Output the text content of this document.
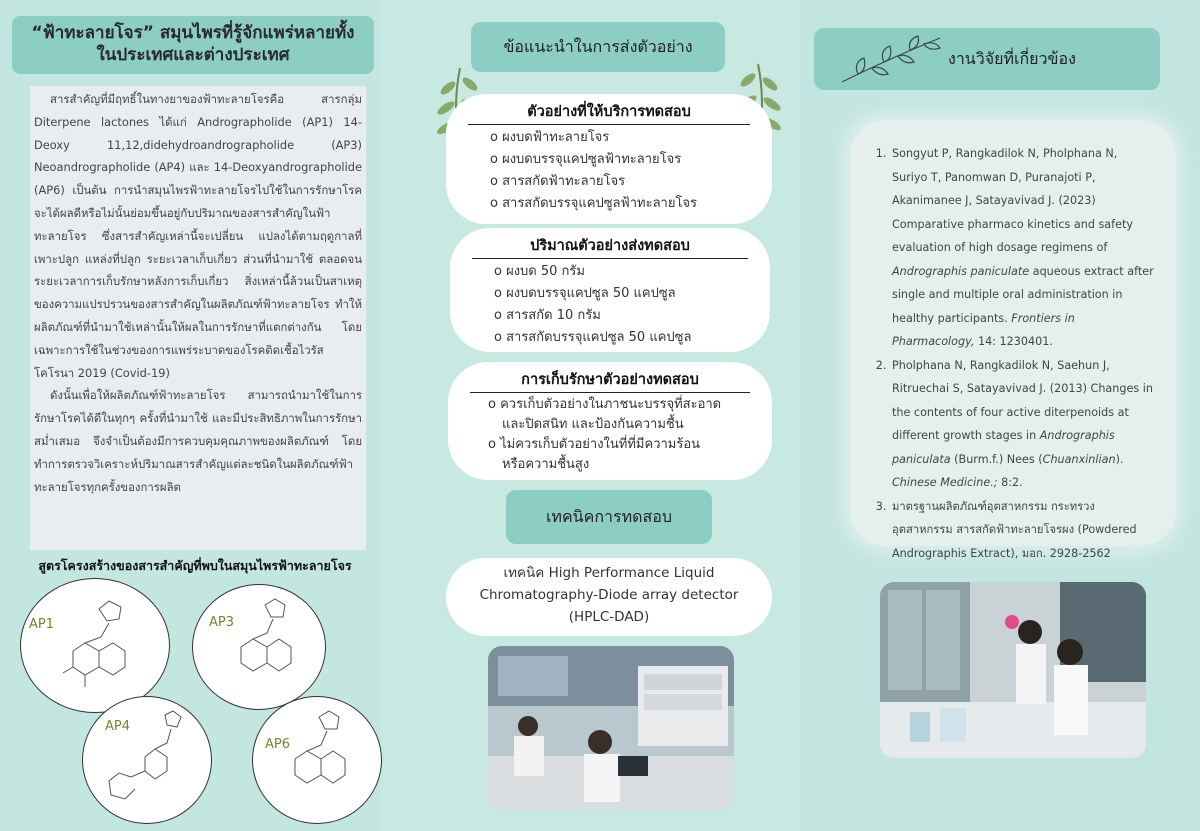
“ฟ้าทะลายโจร” สมุนไพรที่รู้จักแพร่หลายทั้ง
ในประเทศและต่างประเทศ

สารสำคัญที่มีฤทธิ์ในทางยาของฟ้าทะลายโจรคือ สารกลุ่ม Diterpene lactones ได้แก่ Andrographolide (AP1) 14-Deoxy 11,12,didehydroandrographolide (AP3) Neoandrographolide (AP4) และ 14-Deoxyandrographolide (AP6) เป็นต้น การนำสมุนไพรฟ้าทะลายโจรไปใช้ในการรักษาโรคจะได้ผลดีหรือไม่นั้นย่อมขึ้นอยู่กับปริมาณของสารสำคัญในฟ้าทะลายโจร ซึ่งสารสำคัญเหล่านี้จะเปลี่ยน แปลงได้ตามฤดูกาลที่เพาะปลูก แหล่งที่ปลูก ระยะเวลาเก็บเกี่ยว ส่วนที่นำมาใช้ ตลอดจนระยะเวลาการเก็บรักษาหลังการเก็บเกี่ยว สิ่งเหล่านี้ล้วนเป็นสาเหตุของความแปรปรวนของสารสำคัญในผลิตภัณฑ์ฟ้าทะลายโจร ทำให้ผลิตภัณฑ์ที่นำมาใช้เหล่านั้นให้ผลในการรักษาที่แตกต่างกัน โดยเฉพาะการใช้ในช่วงของการแพร่ระบาดของโรคติดเชื้อไวรัสโคโรนา 2019 (Covid-19)

ดังนั้นเพื่อให้ผลิตภัณฑ์ฟ้าทะลายโจร สามารถนำมาใช้ในการรักษาโรคได้ดีในทุกๆ ครั้งที่นำมาใช้ และมีประสิทธิภาพในการรักษาสม่ำเสมอ จึงจำเป็นต้องมีการควบคุมคุณภาพของผลิตภัณฑ์ โดยทำการตรวจวิเคราะห์ปริมาณสารสำคัญแต่ละชนิดในผลิตภัณฑ์ฟ้าทะลายโจรทุกครั้งของการผลิต

สูตรโครงสร้างของสารสำคัญที่พบในสมุนไพรฟ้าทะลายโจร
AP1	AP3
AP4
AP6
ข้อแนะนำในการส่งตัวอย่าง
ตัวอย่างที่ให้บริการทดสอบ
o ผงบดฟ้าทะลายโจร
o ผงบดบรรจุแคปซูลฟ้าทะลายโจร
o สารสกัดฟ้าทะลายโจร
o สารสกัดบรรจุแคปซูลฟ้าทะลายโจร
ปริมาณตัวอย่างส่งทดสอบ
o ผงบด 50 กรัม
o ผงบดบรรจุแคปซูล 50 แคปซูล
o สารสกัด 10 กรัม
o สารสกัดบรรจุแคปซูล 50 แคปซูล
การเก็บรักษาตัวอย่างทดสอบ
o ควรเก็บตัวอย่างในภาชนะบรรจุที่สะอาด
และปิดสนิท และป้องกันความชื้น
o ไม่ควรเก็บตัวอย่างในที่ที่มีความร้อน
หรือความชื้นสูง
เทคนิคการทดสอบ
เทคนิค High Performance Liquid
Chromatography-Diode array detector
(HPLC-DAD)
งานวิจัยที่เกี่ยวข้อง
1. Songyut P, Rangkadilok N, Pholphana N, Suriyo T, Panomwan D, Puranajoti P, Akanimanee J, Satayavivad J. (2023) Comparative pharmaco kinetics and safety evaluation of high dosage regimens of Andrographis paniculate aqueous extract after single and multiple oral administration in healthy participants. Frontiers in Pharmacology, 14: 1230401.
2. Pholphana N, Rangkadilok N, Saehun J, Ritruechai S, Satayavivad J. (2013) Changes in the contents of four active diterpenoids at different growth stages in Andrographis paniculata (Burm.f.) Nees (Chuanxinlian). Chinese Medicine.; 8:2.
3. มาตรฐานผลิตภัณฑ์อุตสาหกรรม กระทรวงอุตสาหกรรม สารสกัดฟ้าทะลายโจรผง (Powdered Andrographis Extract), มอก. 2928-2562
